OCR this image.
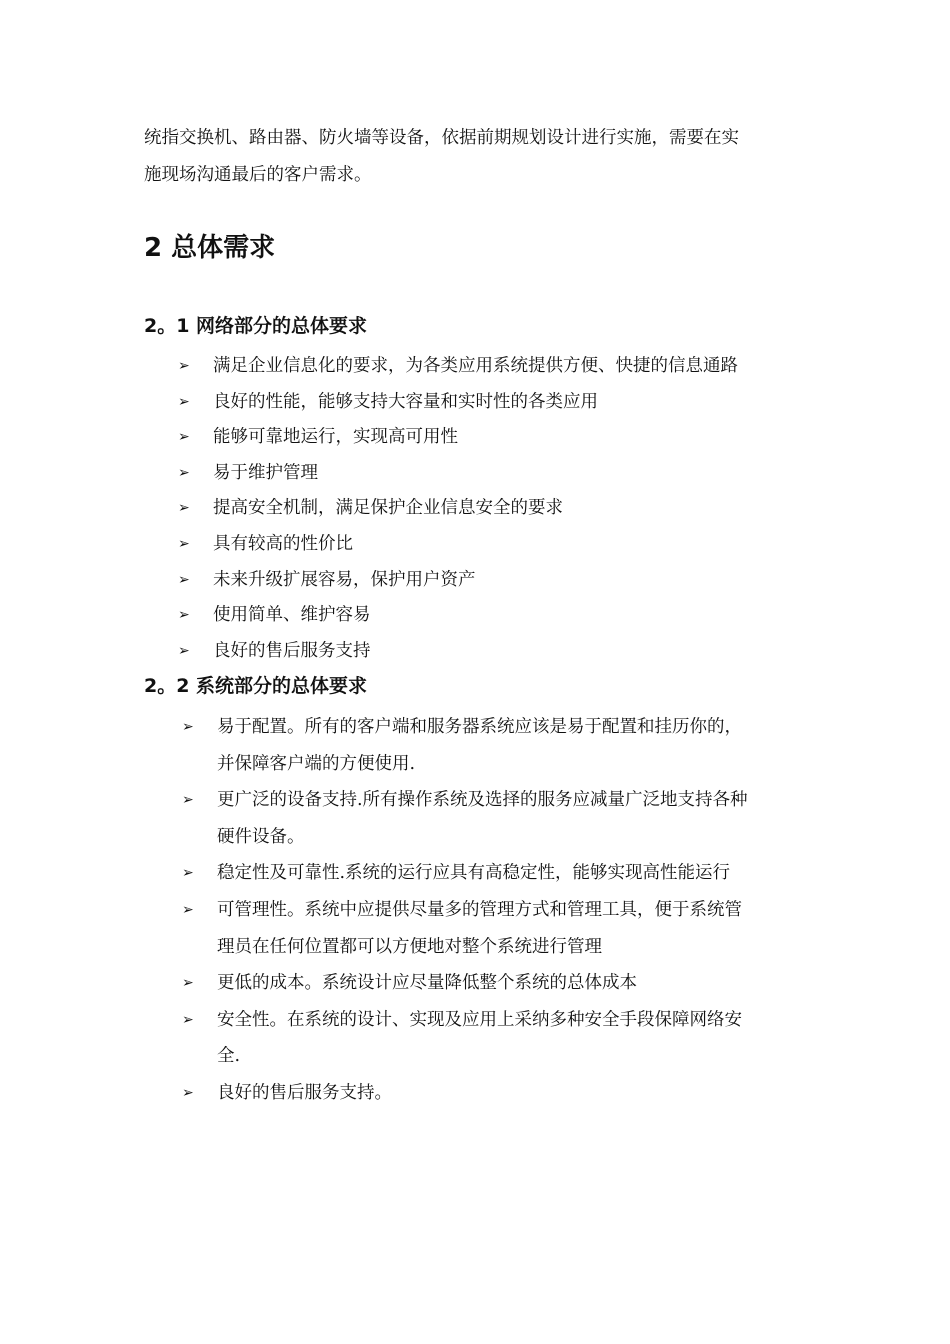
统指交换机、路由器、防火墙等设备，依据前期规划设计进行实施，需要在实
施现场沟通最后的客户需求。

2 总体需求
2。1 网络部分的总体要求
➢	满足企业信息化的要求，为各类应用系统提供方便、快捷的信息通路
➢	良好的性能，能够支持大容量和实时性的各类应用
➢	能够可靠地运行，实现高可用性
➢	易于维护管理
➢	提高安全机制，满足保护企业信息安全的要求
➢	具有较高的性价比
➢	未来升级扩展容易，保护用户资产
➢	使用简单、维护容易
➢	良好的售后服务支持
2。2 系统部分的总体要求
➢	易于配置。所有的客户端和服务器系统应该是易于配置和挂历你的，
并保障客户端的方便使用.
➢	更广泛的设备支持.所有操作系统及选择的服务应减量广泛地支持各种
硬件设备。
➢	稳定性及可靠性.系统的运行应具有高稳定性，能够实现高性能运行
➢	可管理性。系统中应提供尽量多的管理方式和管理工具，便于系统管
理员在任何位置都可以方便地对整个系统进行管理
➢	更低的成本。系统设计应尽量降低整个系统的总体成本
➢	安全性。在系统的设计、实现及应用上采纳多种安全手段保障网络安
全.
➢	良好的售后服务支持。
